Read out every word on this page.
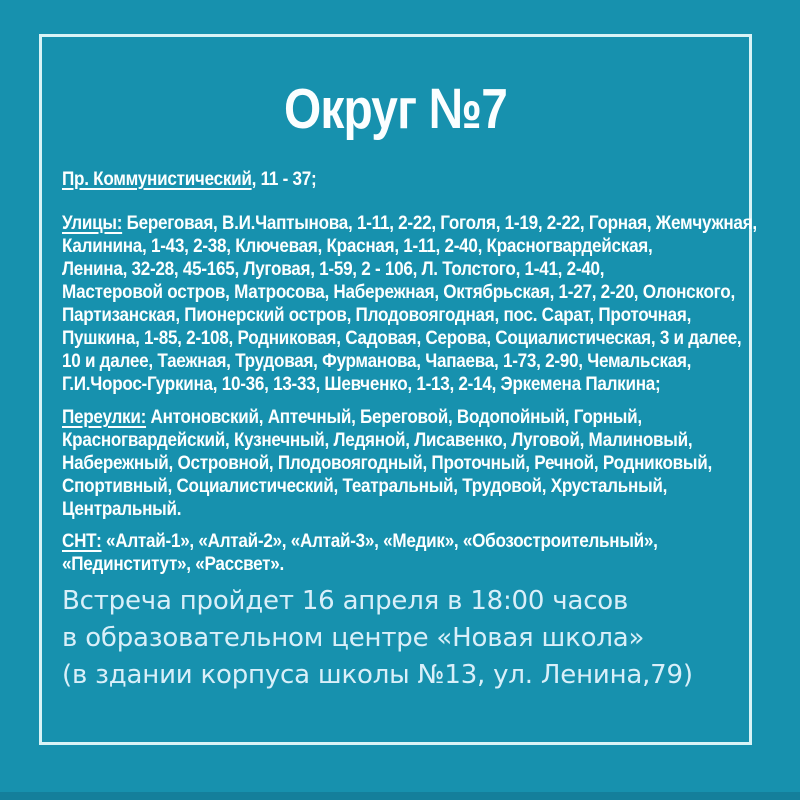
Округ №7
Пр. Коммунистический, 11 - 37;
Улицы: Береговая, В.И.Чаптынова, 1-11, 2-22, Гоголя, 1-19, 2-22, Горная, Жемчужная,
Калинина, 1-43, 2-38, Ключевая, Красная, 1-11, 2-40, Красногвардейская,
Ленина, 32-28, 45-165, Луговая, 1-59, 2 - 106, Л. Толстого, 1-41, 2-40,
Мастеровой остров, Матросова, Набережная, Октябрьская, 1-27, 2-20, Олонского,
Партизанская, Пионерский остров, Плодовоягодная, пос. Сарат, Проточная,
Пушкина, 1-85, 2-108, Родниковая, Садовая, Серова, Социалистическая, 3 и далее,
10 и далее, Таежная, Трудовая, Фурманова, Чапаева, 1-73, 2-90, Чемальская,
Г.И.Чорос-Гуркина, 10-36, 13-33, Шевченко, 1-13, 2-14, Эркемена Палкина;
Переулки: Антоновский, Аптечный, Береговой, Водопойный, Горный,
Красногвардейский, Кузнечный, Ледяной, Лисавенко, Луговой, Малиновый,
Набережный, Островной, Плодовоягодный, Проточный, Речной, Родниковый,
Спортивный, Социалистический, Театральный, Трудовой, Хрустальный,
Центральный.
СНТ: «Алтай-1», «Алтай-2», «Алтай-3», «Медик», «Обозостроительный»,
«Пединститут», «Рассвет».
Встреча пройдет 16 апреля в 18:00 часов
в образовательном центре «Новая школа»
(в здании корпуса школы №13, ул. Ленина,79)
